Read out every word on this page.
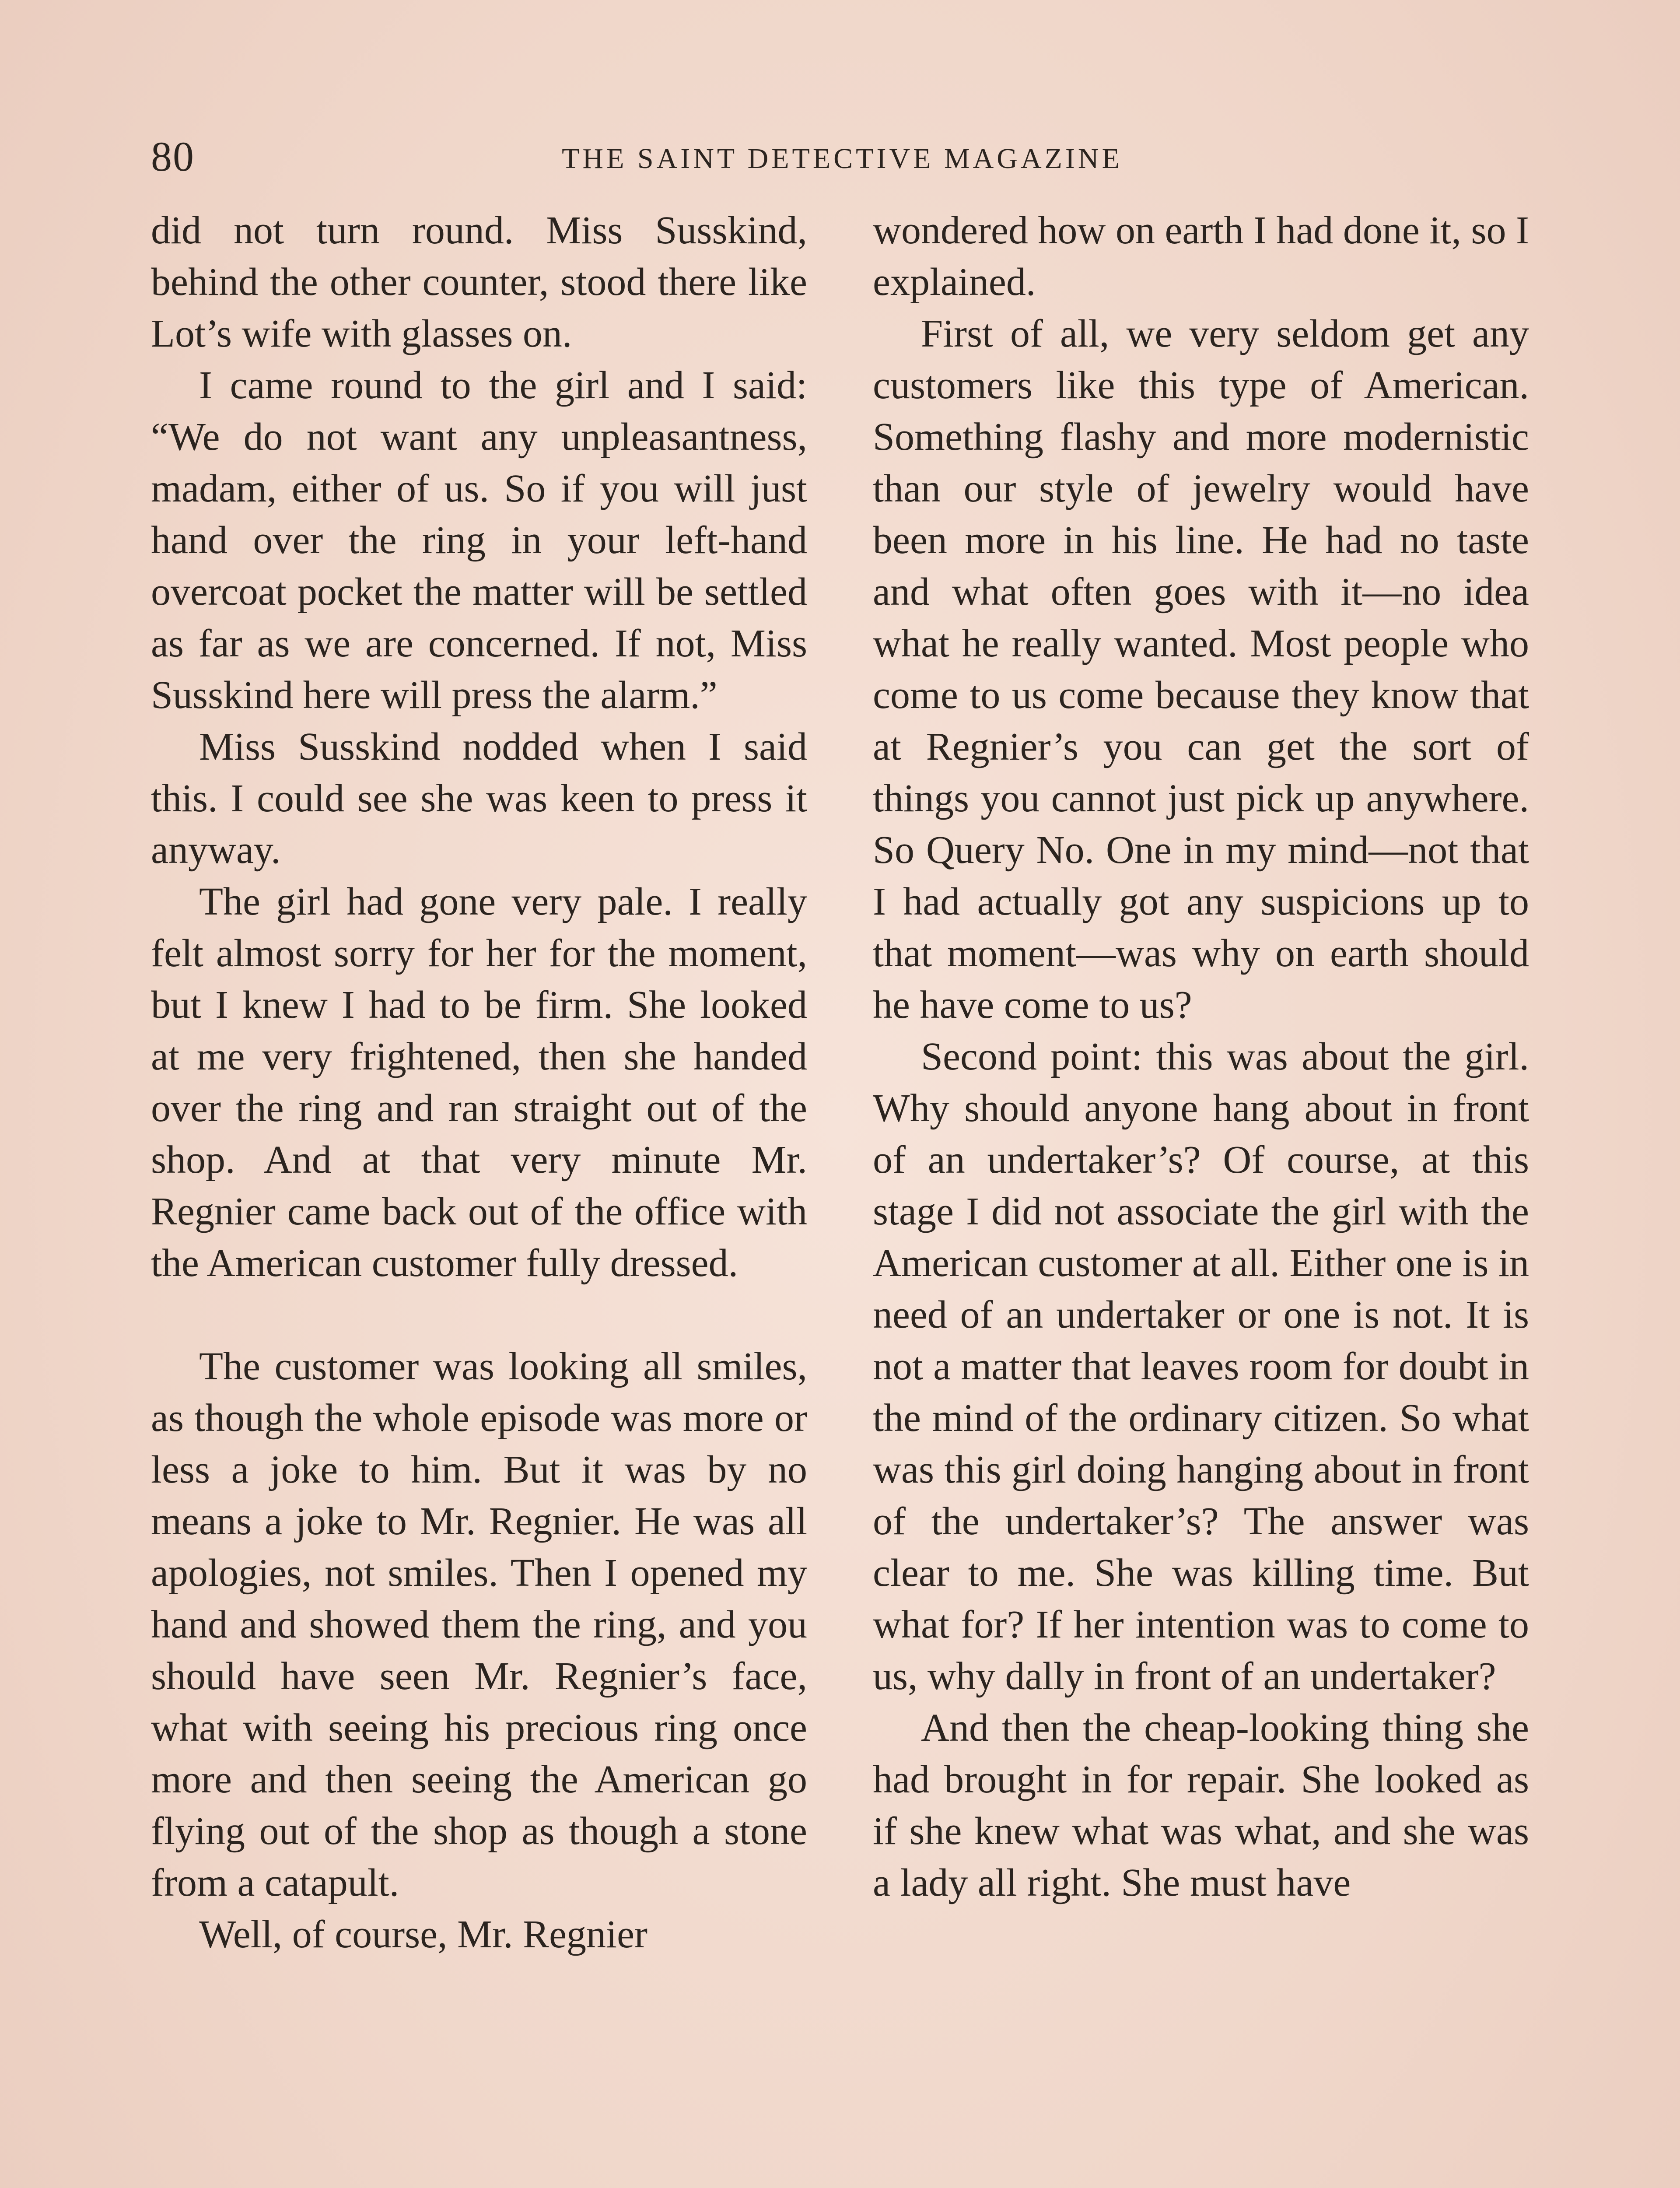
80	THE SAINT DETECTIVE MAGAZINE

did not turn round. Miss Susskind, behind the other counter, stood there like Lot’s wife with glasses on.

I came round to the girl and I said: “We do not want any unpleasantness, madam, either of us. So if you will just hand over the ring in your left-hand overcoat pocket the matter will be settled as far as we are concerned. If not, Miss Susskind here will press the alarm.”

Miss Susskind nodded when I said this. I could see she was keen to press it anyway.

The girl had gone very pale. I really felt almost sorry for her for the moment, but I knew I had to be firm. She looked at me very frightened, then she handed over the ring and ran straight out of the shop. And at that very minute Mr. Regnier came back out of the office with the American customer fully dressed.

The customer was looking all smiles, as though the whole episode was more or less a joke to him. But it was by no means a joke to Mr. Regnier. He was all apologies, not smiles. Then I opened my hand and showed them the ring, and you should have seen Mr. Regnier’s face, what with seeing his precious ring once more and then seeing the American go flying out of the shop as though a stone from a catapult.

Well, of course, Mr. Regnier

wondered how on earth I had done it, so I explained.

First of all, we very seldom get any customers like this type of American. Something flashy and more modernistic than our style of jewelry would have been more in his line. He had no taste and what often goes with it—no idea what he really wanted. Most people who come to us come because they know that at Regnier’s you can get the sort of things you cannot just pick up anywhere. So Query No. One in my mind—not that I had actually got any suspicions up to that moment—was why on earth should he have come to us?

Second point: this was about the girl. Why should anyone hang about in front of an undertaker’s? Of course, at this stage I did not associate the girl with the American customer at all. Either one is in need of an undertaker or one is not. It is not a matter that leaves room for doubt in the mind of the ordinary citizen. So what was this girl doing hanging about in front of the undertaker’s? The answer was clear to me. She was killing time. But what for? If her intention was to come to us, why dally in front of an undertaker?

And then the cheap-looking thing she had brought in for repair. She looked as if she knew what was what, and she was a lady all right. She must have
